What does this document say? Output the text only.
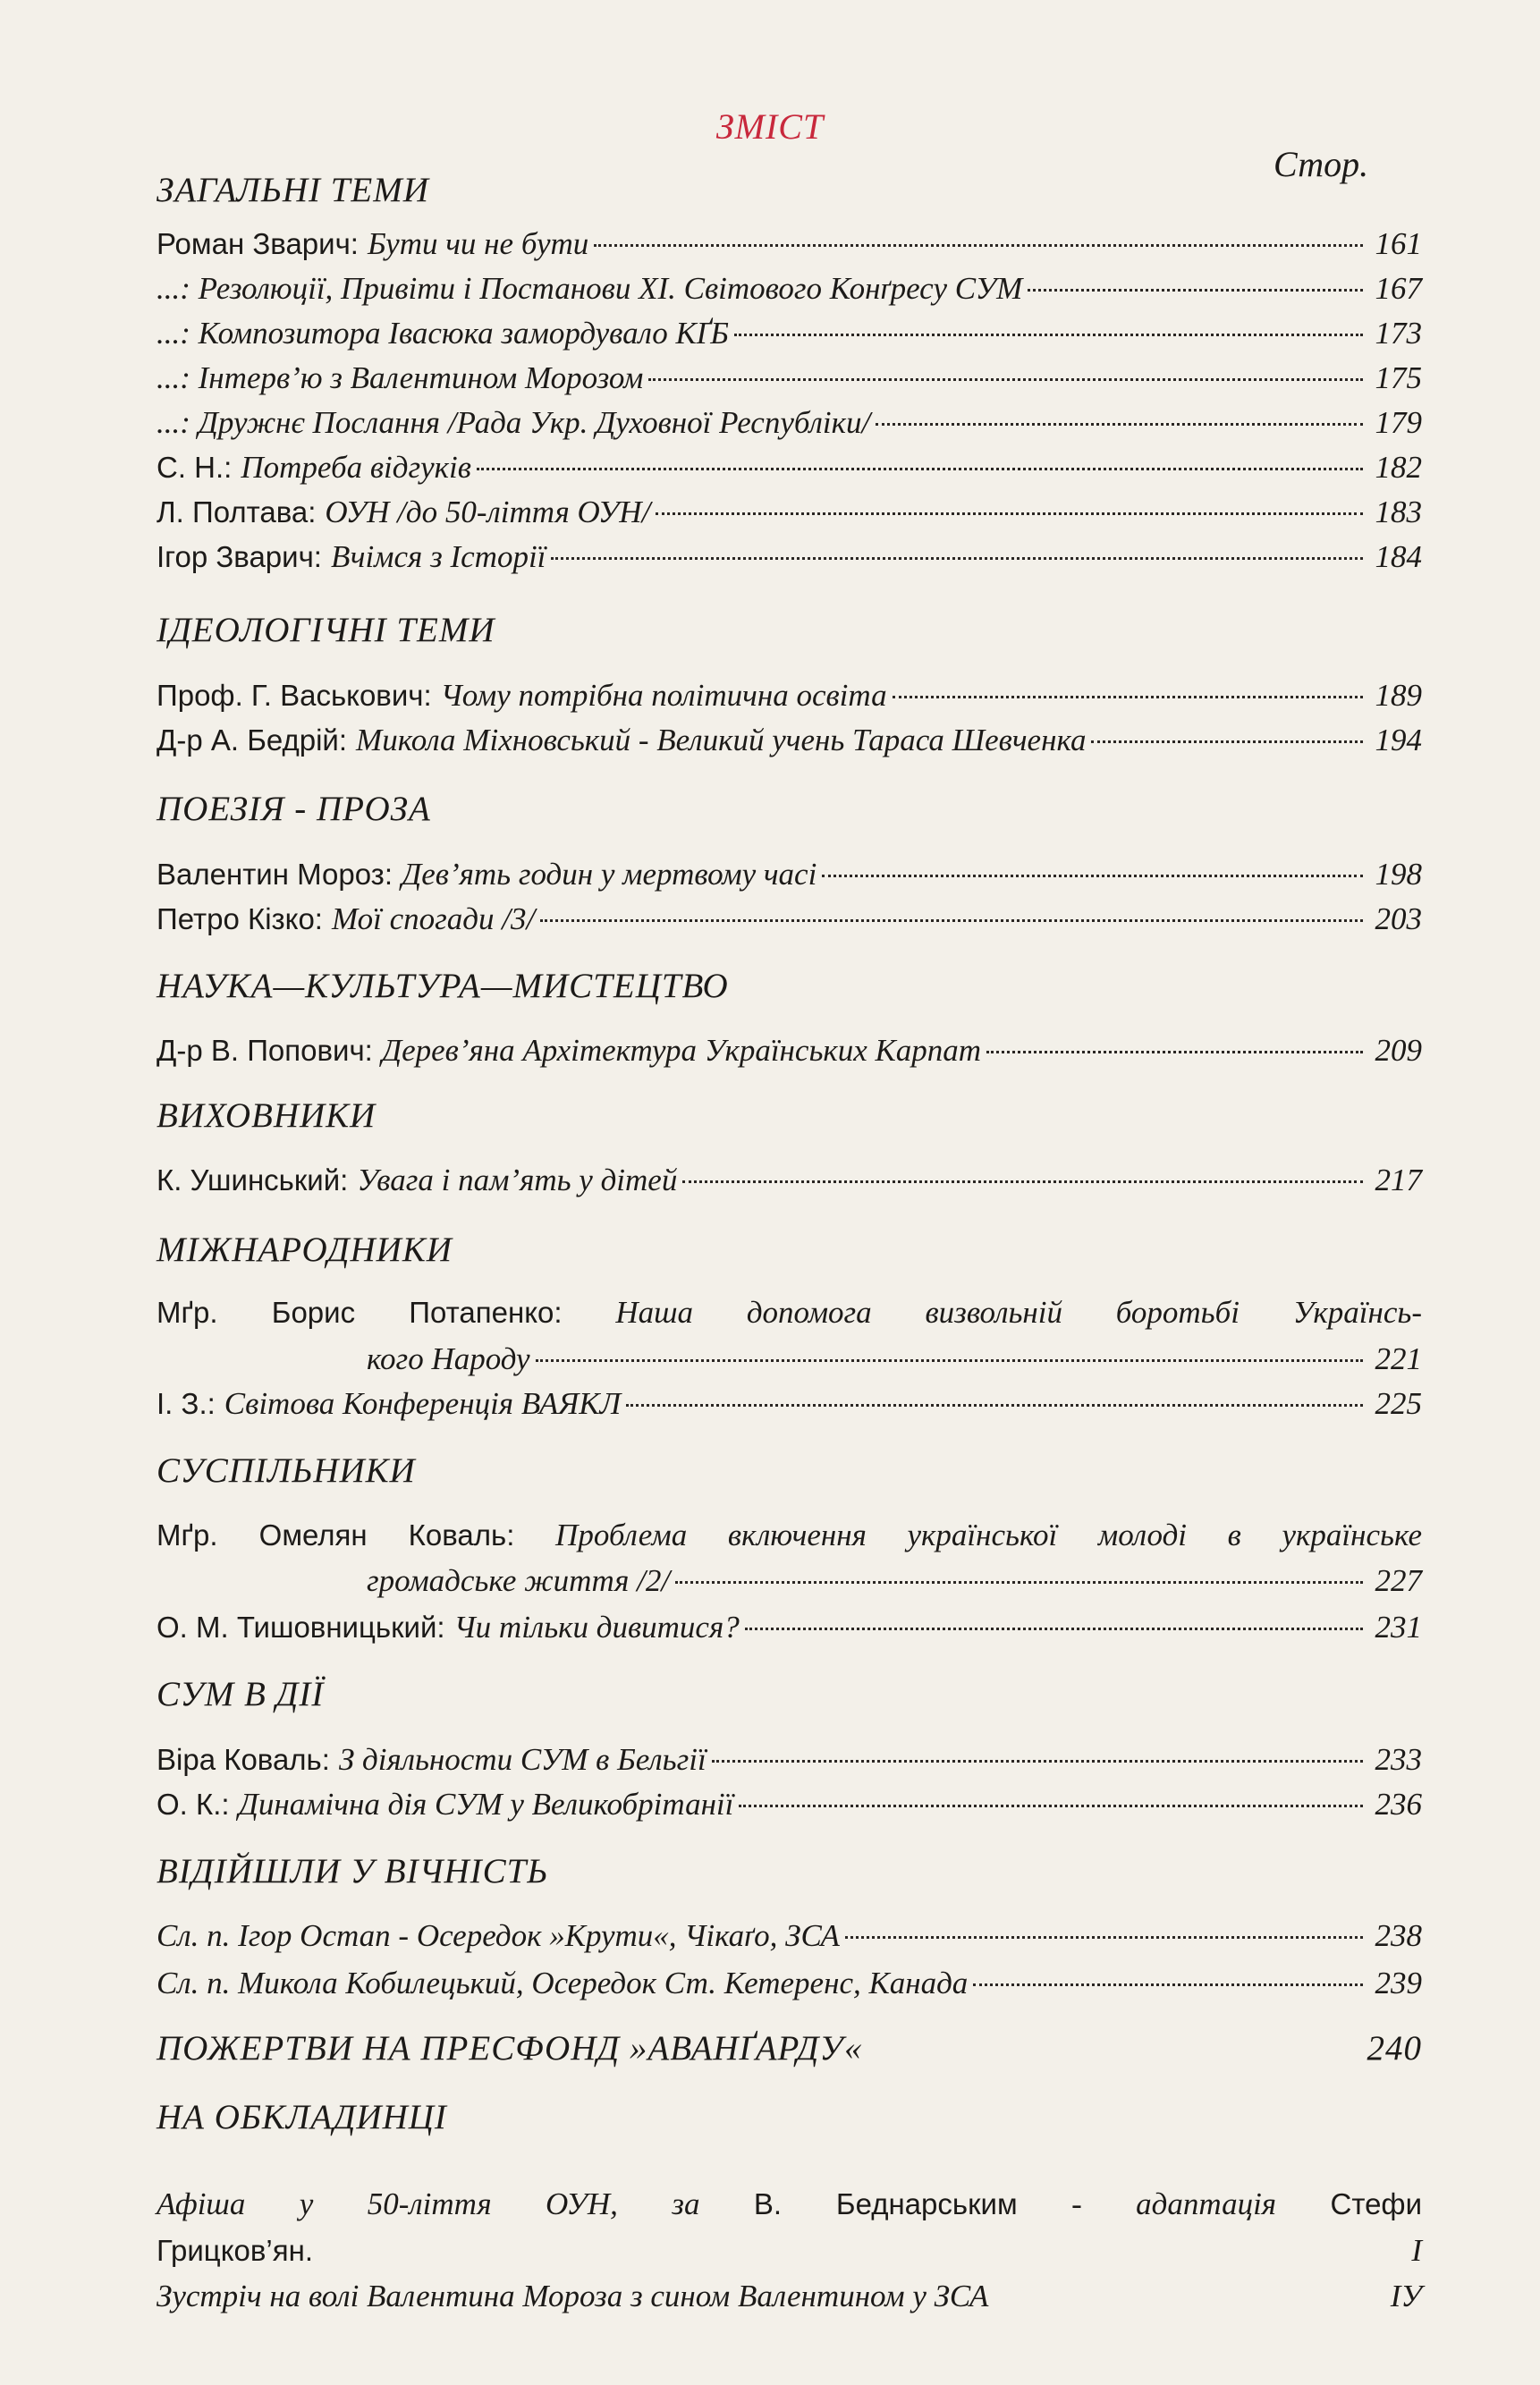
ЗМІСТ
Стор.
ЗАГАЛЬНІ ТЕМИ
Роман Зварич: Бути чи не бути	161
...: Резолюції, Привіти і Постанови XI. Світового Конґресу СУМ	167
...: Композитора Івасюка замордувало КҐБ	173
...: Інтерв’ю з Валентином Морозом	175
...: Дружнє Послання /Рада Укр. Духовної Республіки/	179
С. Н.: Потреба відгуків	182
Л. Полтава: ОУН /до 50-ліття ОУН/	183
Ігор Зварич: Вчімся з Історії	184
ІДЕОЛОГІЧНІ ТЕМИ
Проф. Г. Васькович: Чому потрібна політична освіта	189
Д-р А. Бедрій: Микола Міхновський - Великий учень Тараса Шевченка	194
ПОЕЗІЯ - ПРОЗА
Валентин Мороз: Дев’ять годин у мертвому часі	198
Петро Кізко: Мої спогади /3/	203
НАУКА—КУЛЬТУРА—МИСТЕЦТВО
Д-р В. Попович: Дерев’яна Архітектура Українських Карпат	209
ВИХОВНИКИ
К. Ушинський: Увага і пам’ять у дітей	217
МІЖНАРОДНИКИ
Мґр. Борис Потапенко: Наша допомога визвольній боротьбі Українсь-
кого Народу	221
І. З.: Світова Конференція ВАЯКЛ	225
СУСПІЛЬНИКИ
Мґр. Омелян Коваль: Проблема включення української молоді в українське
громадське життя /2/	227
О. М. Тишовницький: Чи тільки дивитися?	231
СУМ В ДІЇ
Віра Коваль: З діяльности СУМ в Бельгії	233
О. К.: Динамічна дія СУМ у Великобрітанії	236
ВІДІЙШЛИ У ВІЧНІСТЬ
Сл. п. Ігор Остап - Осередок »Крути«, Чікаґо, ЗСА	238
Сл. п. Микола Кобилецький, Осередок Ст. Кетеренс, Канада	239
ПОЖЕРТВИ НА ПРЕСФОНД »АВАНҐАРДУ«	240
НА ОБКЛАДИНЦІ
Афіша у 50-ліття ОУН, за В. Беднарським - адаптація Стефи
Грицков’ян.	І
Зустріч на волі Валентина Мороза з сином Валентином у ЗСА	ІУ
